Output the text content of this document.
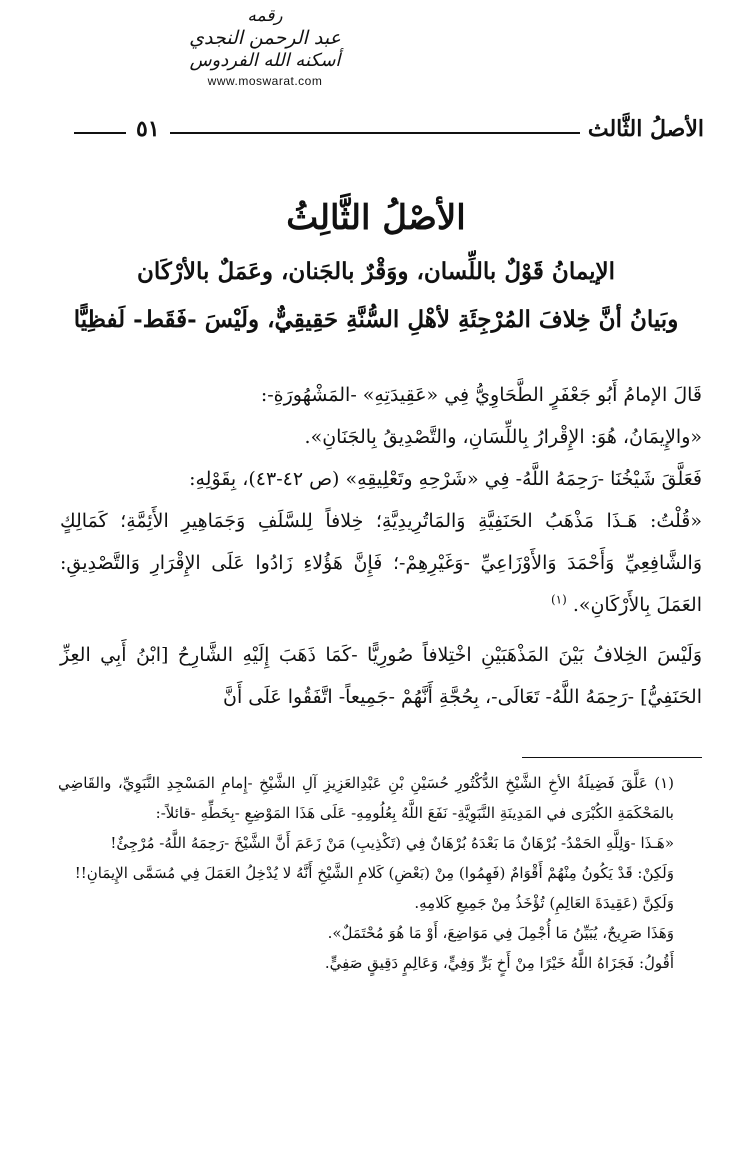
رقمه
عبد الرحمن النجدي
أسكنه الله الفردوس
www.moswarat.com
الأصلُ الثَّالث
٥١
الأصْلُ الثَّالِثُ
الإيمانُ قَوْلٌ باللِّسان، ووَقْرٌ بالجَنان، وعَمَلٌ بالأرْكَان
وبَيانُ أنَّ خِلافَ المُرْجِئَةِ لأهْلِ السُّنَّةِ حَقِيقِيٌّ، ولَيْسَ -فَقَط- لَفظِيًّا

قَالَ الإمامُ أَبُو جَعْفَرٍ الطَّحَاوِيُّ فِي «عَقِيدَتِهِ» -المَشْهُورَةِ-:

«والإِيمَانُ، هُوَ: الإِقْرارُ بِاللِّسَانِ، والتَّصْدِيقُ بِالجَنَانِ».

فَعَلَّقَ شَيْخُنَا -رَحِمَهُ اللَّهُ- فِي «شَرْحِهِ وتَعْلِيقِهِ» (ص ٤٢-٤٣)، بِقَوْلِهِ:

«قُلْتُ: هَـذَا مَذْهَبُ الحَنَفِيَّةِ وَالمَاتُرِيدِيَّةِ؛ خِلافاً لِلسَّلَفِ وَجَمَاهِيرِ الأَئِمَّةِ؛ كَمَالِكٍ وَالشَّافِعِيِّ وَأَحْمَدَ وَالأَوْزَاعِيِّ -وَغَيْرِهِمْ-؛ فَإِنَّ هَؤُلاءِ زَادُوا عَلَى الإِقْرَارِ وَالتَّصْدِيقِ: العَمَلَ بِالأَرْكَانِ». $^{(١)}$

وَلَيْسَ الخِلافُ بَيْنَ المَذْهَبَيْنِ اخْتِلافاً صُورِيًّا -كَمَا ذَهَبَ إِلَيْهِ الشَّارِحُ [ابْنُ أَبِي العِزِّ الحَنَفِيُّ] -رَحِمَهُ اللَّهُ- تَعَالَى-، بِحُجَّةِ أَنَّهُمْ -جَمِيعاً- اتَّفَقُوا عَلَى أَنَّ

(١) عَلَّقَ فَضِيلَةُ الأخِ الشَّيْخِ الدُّكْتُورِ حُسَيْنِ بْنِ عَبْدِالعَزِيزِ آلِ الشَّيْخِ -إِمامِ المَسْجِدِ النَّبَوِيِّ، والقَاضِي بالمَحْكَمَةِ الكُبْرَى في المَدِينَةِ النَّبَوِيَّةِ- نَفَعَ اللَّهُ بِعُلُومِهِ- عَلَى هَذَا المَوْضِعِ -بِخَطِّهِ -قائلاً-:

«هَـذَا -وَلِلَّهِ الحَمْدُ- بُرْهَانٌ مَا بَعْدَهُ بُرْهَانٌ فِي (تَكْذِيبِ) مَنْ زَعَمَ أَنَّ الشَّيْخَ -رَحِمَهُ اللَّهُ- مُرْجِئٌ!

وَلَكِنْ: قَدْ يَكُونُ مِنْهُمْ أَقْوَامٌ (فَهِمُوا) مِنْ (بَعْضِ) كَلامِ الشَّيْخِ أَنَّهُ لا يُدْخِلُ العَمَلَ فِي مُسَمَّى الإِيمَانِ!!

وَلَكِنَّ (عَقِيدَةَ العَالِمِ) تُؤْخَذُ مِنْ جَمِيعِ كَلامِهِ.

وَهَذَا صَرِيحٌ، يُبَيِّنُ مَا أُجْمِلَ فِي مَوَاضِعَ، أَوْ مَا هُوَ مُحْتَمَلٌ».

أَقُولُ: فَجَزَاهُ اللَّهُ خَيْرًا مِنْ أَخٍ بَرٍّ وَفِيٍّ، وَعَالِمٍ دَقِيقٍ صَفِيٍّ.
